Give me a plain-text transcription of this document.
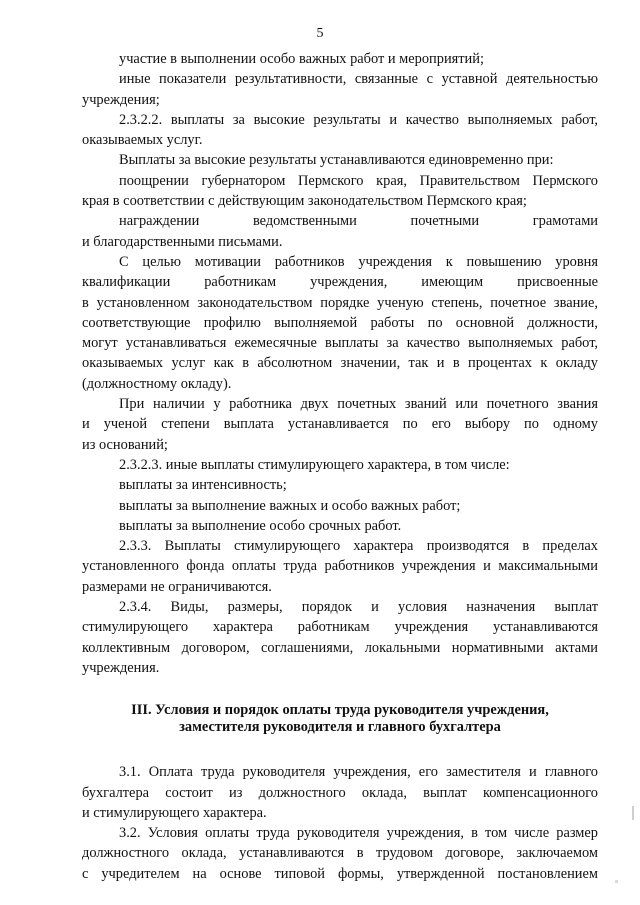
5
участие в выполнении особо важных работ и мероприятий;
иные показатели результативности, связанные с уставной деятельностью
учреждения;
2.3.2.2. выплаты за высокие результаты и качество выполняемых работ,
оказываемых услуг.
Выплаты за высокие результаты устанавливаются единовременно при:
поощрении губернатором Пермского края, Правительством Пермского
края в соответствии с действующим законодательством Пермского края;
награждении ведомственными почетными грамотами
и благодарственными письмами.
С целью мотивации работников учреждения к повышению уровня
квалификации работникам учреждения, имеющим присвоенные
в установленном законодательством порядке ученую степень, почетное звание,
соответствующие профилю выполняемой работы по основной должности,
могут устанавливаться ежемесячные выплаты за качество выполняемых работ,
оказываемых услуг как в абсолютном значении, так и в процентах к окладу
(должностному окладу).
При наличии у работника двух почетных званий или почетного звания
и ученой степени выплата устанавливается по его выбору по одному
из оснований;
2.3.2.3. иные выплаты стимулирующего характера, в том числе:
выплаты за интенсивность;
выплаты за выполнение важных и особо важных работ;
выплаты за выполнение особо срочных работ.
2.3.3. Выплаты стимулирующего характера производятся в пределах
установленного фонда оплаты труда работников учреждения и максимальными
размерами не ограничиваются.
2.3.4. Виды, размеры, порядок и условия назначения выплат
стимулирующего характера работникам учреждения устанавливаются
коллективным договором, соглашениями, локальными нормативными актами
учреждения.
III. Условия и порядок оплаты труда руководителя учреждения,
заместителя руководителя и главного бухгалтера
3.1. Оплата труда руководителя учреждения, его заместителя и главного
бухгалтера состоит из должностного оклада, выплат компенсационного
и стимулирующего характера.
3.2. Условия оплаты труда руководителя учреждения, в том числе размер
должностного оклада, устанавливаются в трудовом договоре, заключаемом
с учредителем на основе типовой формы, утвержденной постановлением
